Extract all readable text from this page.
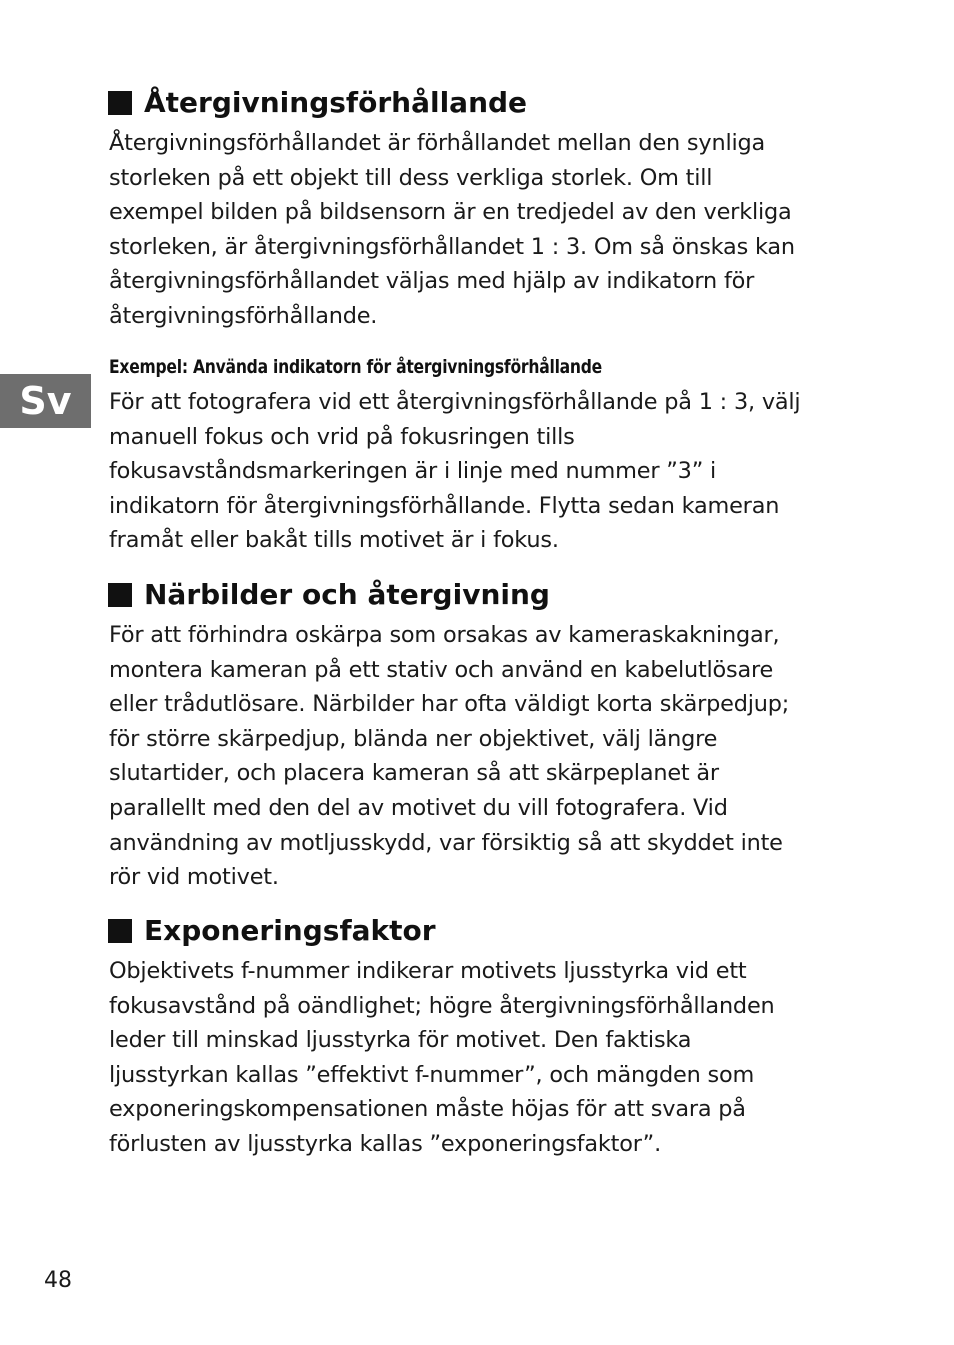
Sv
Återgivningsförhållande
Återgivningsförhållandet är förhållandet mellan den synliga
storleken på ett objekt till dess verkliga storlek. Om till
exempel bilden på bildsensorn är en tredjedel av den verkliga
storleken, är återgivningsförhållandet 1 : 3. Om så önskas kan
återgivningsförhållandet väljas med hjälp av indikatorn för
återgivningsförhållande.
Exempel: Använda indikatorn för återgivningsförhållande
För att fotografera vid ett återgivningsförhållande på 1 : 3, välj
manuell fokus och vrid på fokusringen tills
fokusavståndsmarkeringen är i linje med nummer ”3” i
indikatorn för återgivningsförhållande. Flytta sedan kameran
framåt eller bakåt tills motivet är i fokus.
Närbilder och återgivning
För att förhindra oskärpa som orsakas av kameraskakningar,
montera kameran på ett stativ och använd en kabelutlösare
eller trådutlösare. Närbilder har ofta väldigt korta skärpedjup;
för större skärpedjup, blända ner objektivet, välj längre
slutartider, och placera kameran så att skärpeplanet är
parallellt med den del av motivet du vill fotografera. Vid
användning av motljusskydd, var försiktig så att skyddet inte
rör vid motivet.
Exponeringsfaktor
Objektivets f-nummer indikerar motivets ljusstyrka vid ett
fokusavstånd på oändlighet; högre återgivningsförhållanden
leder till minskad ljusstyrka för motivet. Den faktiska
ljusstyrkan kallas ”effektivt f-nummer”, och mängden som
exponeringskompensationen måste höjas för att svara på
förlusten av ljusstyrka kallas ”exponeringsfaktor”.
48
